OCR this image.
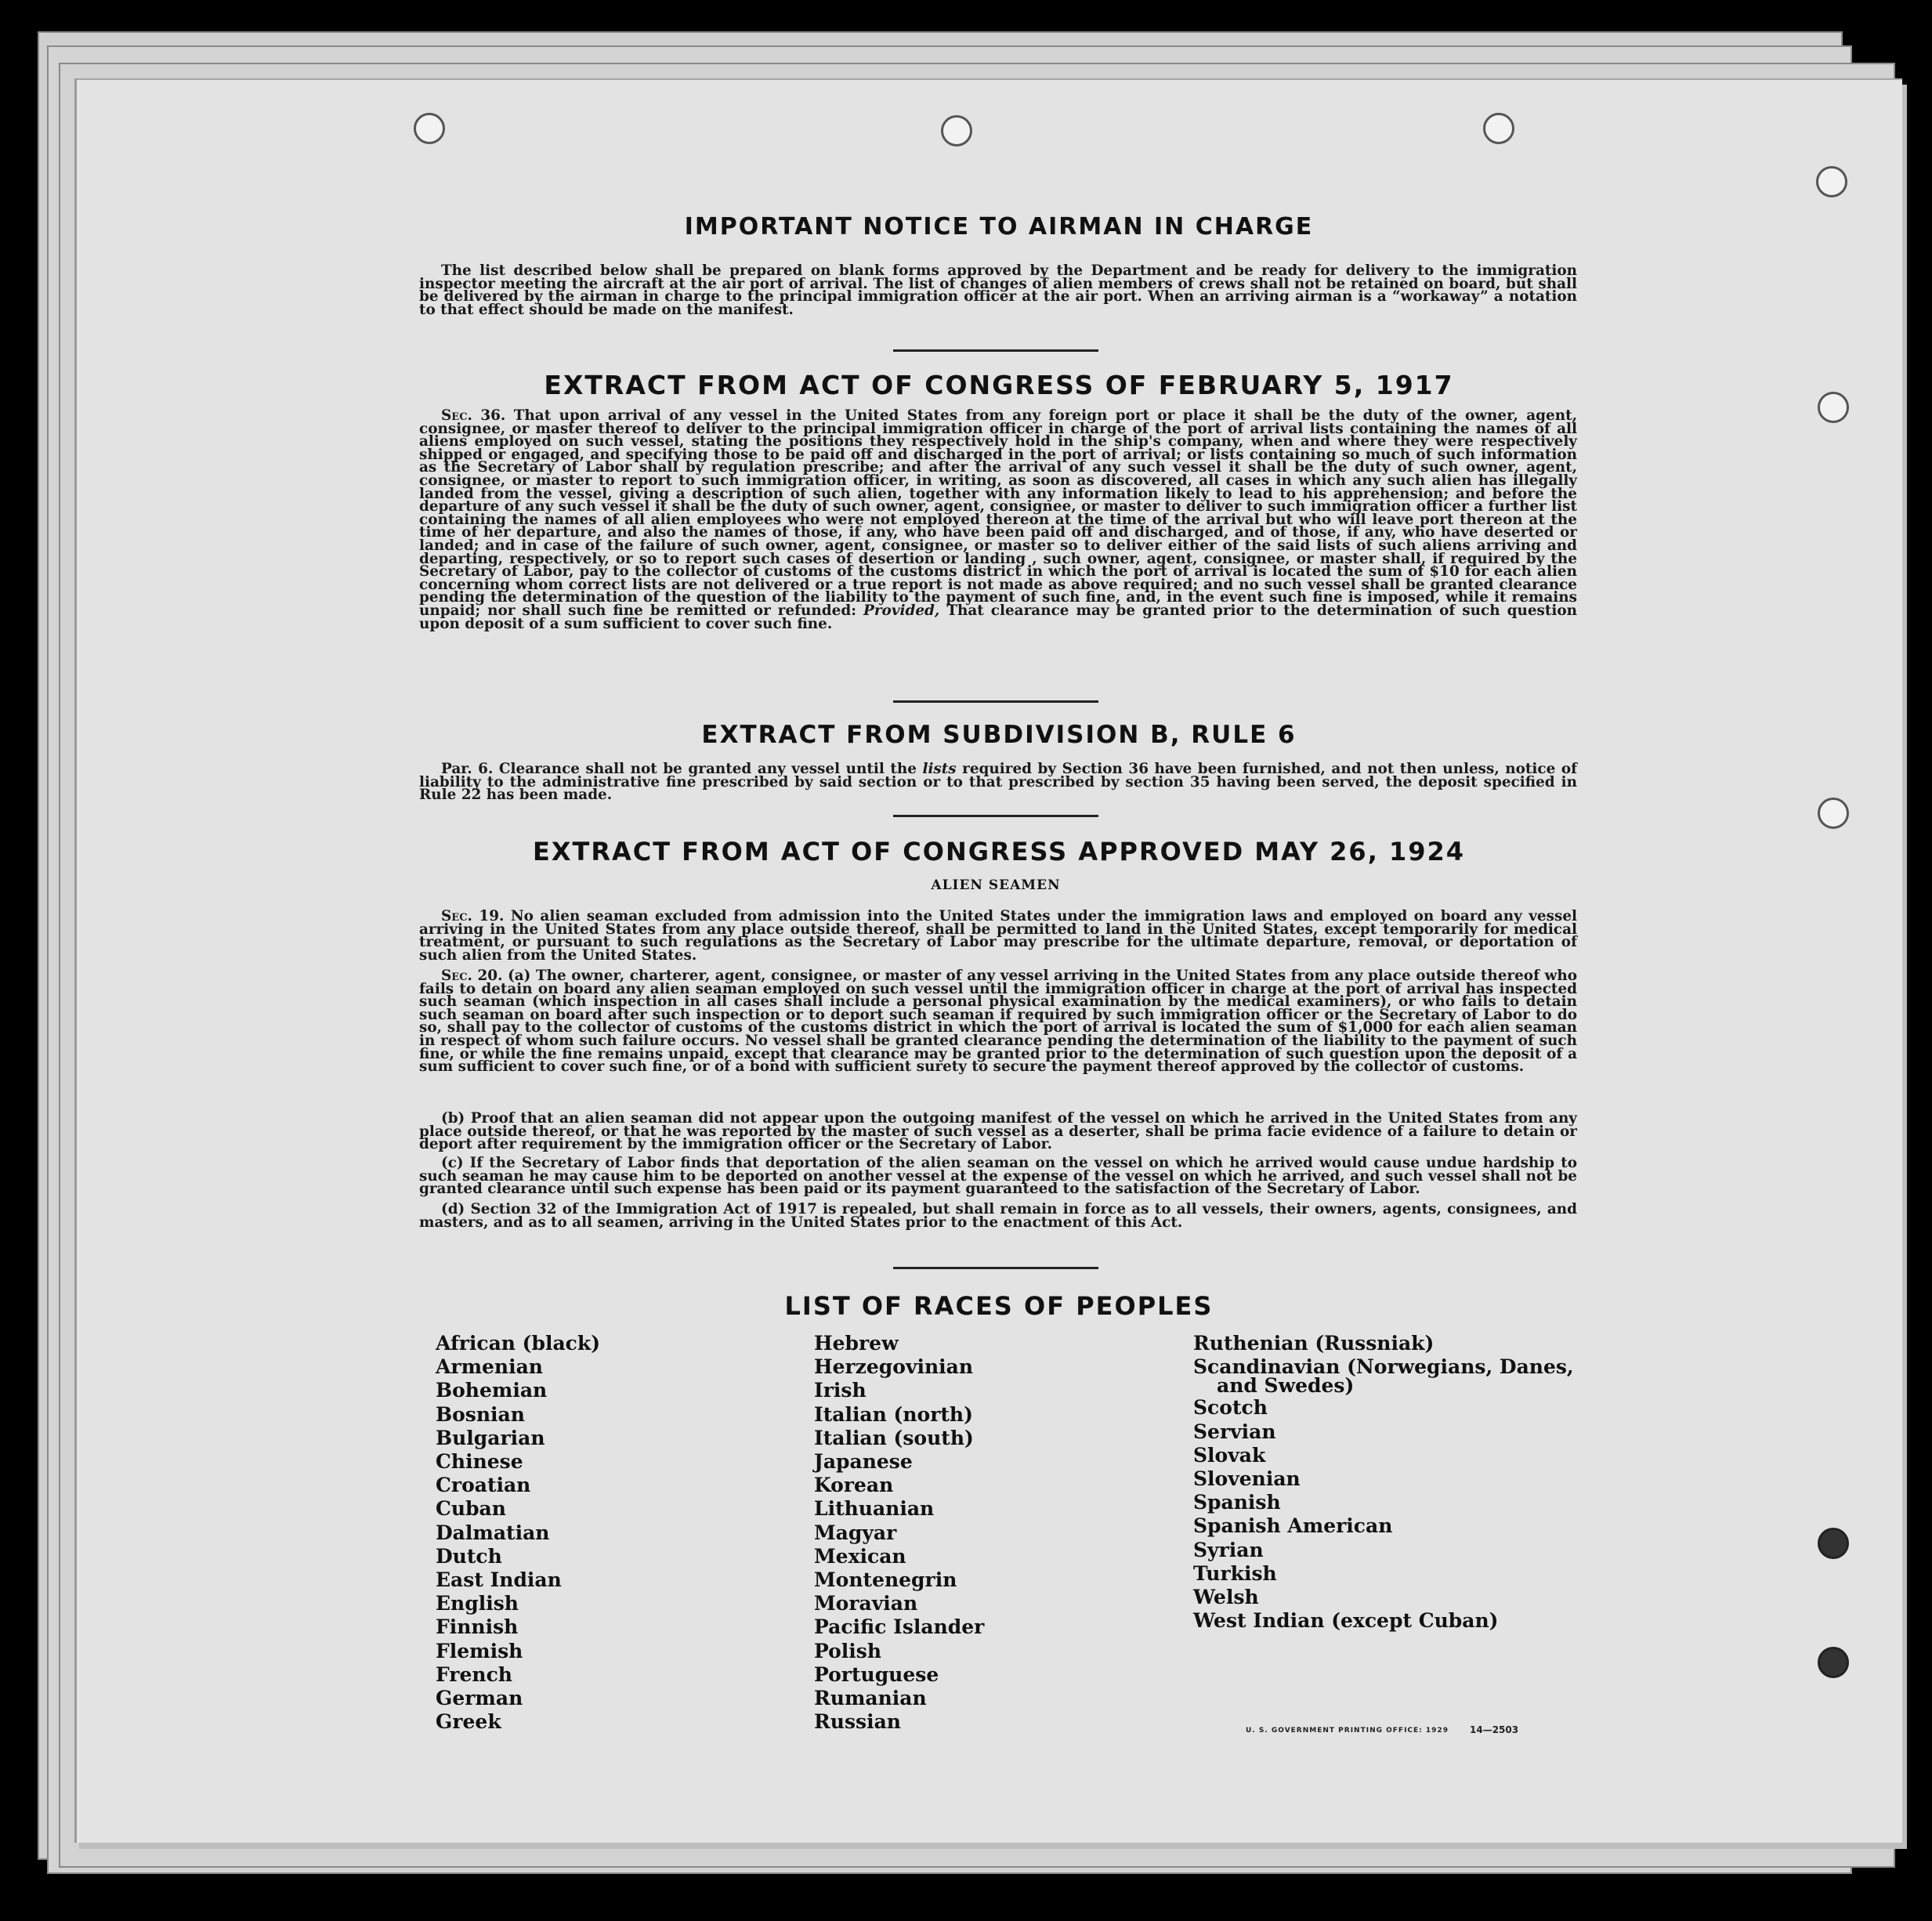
IMPORTANT NOTICE TO AIRMAN IN CHARGE

The list described below shall be prepared on blank forms approved by the Department and be ready for delivery to the immigration inspector meeting the aircraft at the air port of arrival. The list of changes of alien members of crews shall not be retained on board, but shall be delivered by the airman in charge to the principal immigration officer at the air port. When an arriving airman is a “workaway” a notation to that effect should be made on the manifest.

EXTRACT FROM ACT OF CONGRESS OF FEBRUARY 5, 1917

Sec. 36. That upon arrival of any vessel in the United States from any foreign port or place it shall be the duty of the owner, agent, consignee, or master thereof to deliver to the principal immigration officer in charge of the port of arrival lists containing the names of all aliens employed on such vessel, stating the positions they respectively hold in the ship's company, when and where they were respectively shipped or engaged, and specifying those to be paid off and discharged in the port of arrival; or lists containing so much of such information as the Secretary of Labor shall by regulation prescribe; and after the arrival of any such vessel it shall be the duty of such owner, agent, consignee, or master to report to such immigration officer, in writing, as soon as discovered, all cases in which any such alien has illegally landed from the vessel, giving a description of such alien, together with any information likely to lead to his apprehension; and before the departure of any such vessel it shall be the duty of such owner, agent, consignee, or master to deliver to such immigration officer a further list containing the names of all alien employees who were not employed thereon at the time of the arrival but who will leave port thereon at the time of her departure, and also the names of those, if any, who have been paid off and discharged, and of those, if any, who have deserted or landed; and in case of the failure of such owner, agent, consignee, or master so to deliver either of the said lists of such aliens arriving and departing, respectively, or so to report such cases of desertion or landing , such owner, agent, consignee, or master shall, if required by the Secretary of Labor, pay to the collector of customs of the customs district in which the port of arrival is located the sum of $10 for each alien concerning whom correct lists are not delivered or a true report is not made as above required; and no such vessel shall be granted clearance pending the determination of the question of the liability to the payment of such fine, and, in the event such fine is imposed, while it remains unpaid; nor shall such fine be remitted or refunded: Provided, That clearance may be granted prior to the determination of such question upon deposit of a sum sufficient to cover such fine.

EXTRACT FROM SUBDIVISION B, RULE 6

Par. 6. Clearance shall not be granted any vessel until the lists required by Section 36 have been furnished, and not then unless, notice of liability to the administrative fine prescribed by said section or to that prescribed by section 35 having been served, the deposit specified in Rule 22 has been made.

EXTRACT FROM ACT OF CONGRESS APPROVED MAY 26, 1924
ALIEN SEAMEN

Sec. 19. No alien seaman excluded from admission into the United States under the immigration laws and employed on board any vessel arriving in the United States from any place outside thereof, shall be permitted to land in the United States, except temporarily for medical treatment, or pursuant to such regulations as the Secretary of Labor may prescribe for the ultimate departure, removal, or deportation of such alien from the United States.

Sec. 20. (a) The owner, charterer, agent, consignee, or master of any vessel arriving in the United States from any place outside thereof who fails to detain on board any alien seaman employed on such vessel until the immigration officer in charge at the port of arrival has inspected such seaman (which inspection in all cases shall include a personal physical examination by the medical examiners), or who fails to detain such seaman on board after such inspection or to deport such seaman if required by such immigration officer or the Secretary of Labor to do so, shall pay to the collector of customs of the customs district in which the port of arrival is located the sum of $1,000 for each alien seaman in respect of whom such failure occurs. No vessel shall be granted clearance pending the determination of the liability to the payment of such fine, or while the fine remains unpaid, except that clearance may be granted prior to the determination of such question upon the deposit of a sum sufficient to cover such fine, or of a bond with sufficient surety to secure the payment thereof approved by the collector of customs.

(b) Proof that an alien seaman did not appear upon the outgoing manifest of the vessel on which he arrived in the United States from any place outside thereof, or that he was reported by the master of such vessel as a deserter, shall be prima facie evidence of a failure to detain or deport after requirement by the immigration officer or the Secretary of Labor.

(c) If the Secretary of Labor finds that deportation of the alien seaman on the vessel on which he arrived would cause undue hardship to such seaman he may cause him to be deported on another vessel at the expense of the vessel on which he arrived, and such vessel shall not be granted clearance until such expense has been paid or its payment guaranteed to the satisfaction of the Secretary of Labor.

(d) Section 32 of the Immigration Act of 1917 is repealed, but shall remain in force as to all vessels, their owners, agents, consignees, and masters, and as to all seamen, arriving in the United States prior to the enactment of this Act.

LIST OF RACES OF PEOPLES
African (black)
Armenian
Bohemian
Bosnian
Bulgarian
Chinese
Croatian
Cuban
Dalmatian
Dutch
East Indian
English
Finnish
Flemish
French
German
Greek
Hebrew
Herzegovinian
Irish
Italian (north)
Italian (south)
Japanese
Korean
Lithuanian
Magyar
Mexican
Montenegrin
Moravian
Pacific Islander
Polish
Portuguese
Rumanian
Russian
Ruthenian (Russniak)
Scandinavian (Norwegians, Danes,
and Swedes)
Scotch
Servian
Slovak
Slovenian
Spanish
Spanish American
Syrian
Turkish
Welsh
West Indian (except Cuban)
U. S. GOVERNMENT PRINTING OFFICE: 1929 14—2503
